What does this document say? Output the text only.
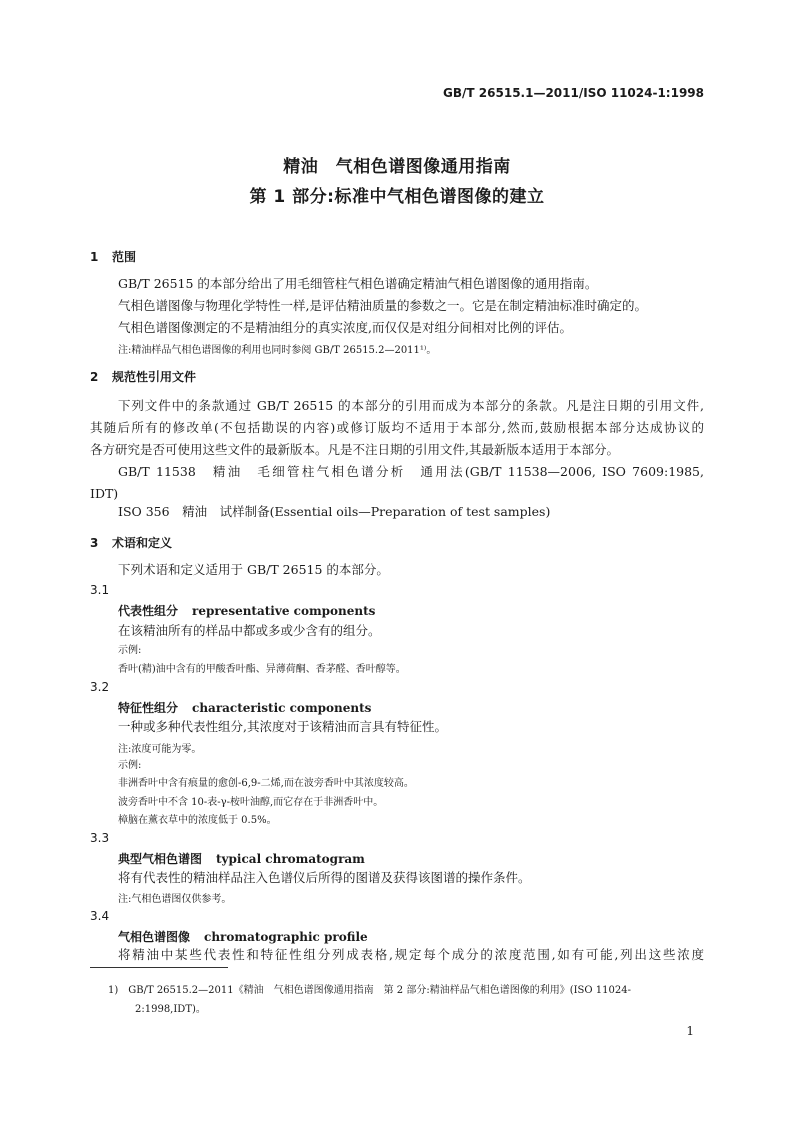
GB/T 26515.1—2011/ISO 11024-1:1998
精油　气相色谱图像通用指南
第 1 部分:标准中气相色谱图像的建立
1 范围
GB/T 26515 的本部分给出了用毛细管柱气相色谱确定精油气相色谱图像的通用指南。
气相色谱图像与物理化学特性一样,是评估精油质量的参数之一。它是在制定精油标准时确定的。
气相色谱图像测定的不是精油组分的真实浓度,而仅仅是对组分间相对比例的评估。
注:精油样品气相色谱图像的利用也同时参阅 GB/T 26515.2—2011¹⁾。
2 规范性引用文件
下列文件中的条款通过 GB/T 26515 的本部分的引用而成为本部分的条款。凡是注日期的引用文件,
其随后所有的修改单(不包括勘误的内容)或修订版均不适用于本部分,然而,鼓励根据本部分达成协议的
各方研究是否可使用这些文件的最新版本。凡是不注日期的引用文件,其最新版本适用于本部分。
GB/T 11538　精油　毛细管柱气相色谱分析　通用法(GB/T 11538—2006, ISO 7609:1985,
IDT)
ISO 356　精油　试样制备(Essential oils—Preparation of test samples)
3 术语和定义
下列术语和定义适用于 GB/T 26515 的本部分。
3.1
代表性组分 representative components
在该精油所有的样品中都或多或少含有的组分。
示例:
香叶(精)油中含有的甲酸香叶酯、异薄荷酮、香茅醛、香叶醇等。
3.2
特征性组分 characteristic components
一种或多种代表性组分,其浓度对于该精油而言具有特征性。
注:浓度可能为零。
示例:
非洲香叶中含有痕量的愈创-6,9-二烯,而在波旁香叶中其浓度较高。
波旁香叶中不含 10-表-γ-桉叶油醇,而它存在于非洲香叶中。
樟脑在薰衣草中的浓度低于 0.5%。
3.3
典型气相色谱图 typical chromatogram
将有代表性的精油样品注入色谱仪后所得的图谱及获得该图谱的操作条件。
注:气相色谱图仅供参考。
3.4
气相色谱图像 chromatographic profile
将精油中某些代表性和特征性组分列成表格,规定每个成分的浓度范围,如有可能,列出这些浓度
1)　GB/T 26515.2—2011《精油　气相色谱图像通用指南　第 2 部分:精油样品气相色谱图像的利用》(ISO 11024-
2:1998,IDT)。
1
